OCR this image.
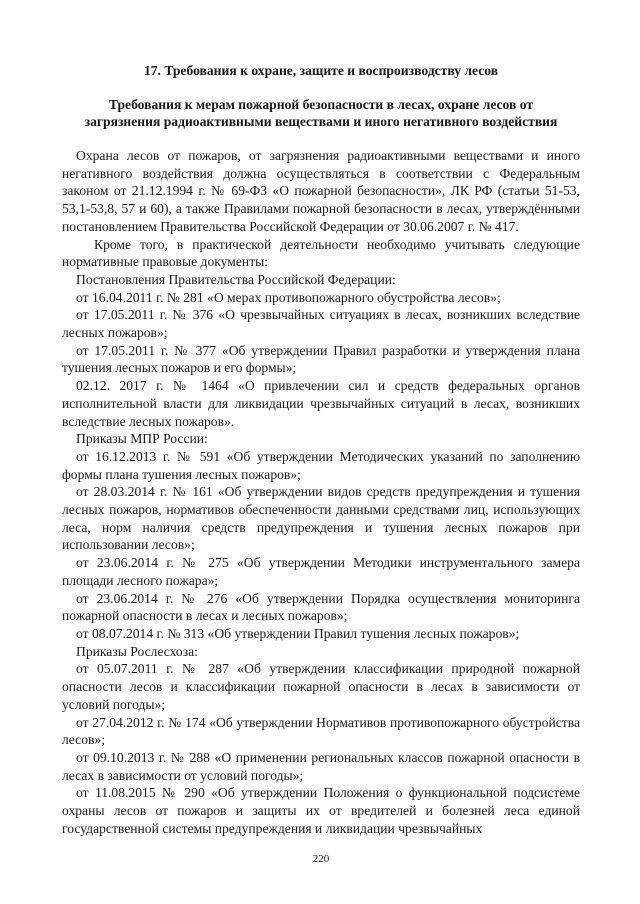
17. Требования к охране, защите и воспроизводству лесов
Требования к мерам пожарной безопасности в лесах, охране лесов от
загрязнения радиоактивными веществами и иного негативного воздействия

Охрана лесов от пожаров, от загрязнения радиоактивными веществами и иного негативного воздействия должна осуществляться в соответствии с Федеральным законом от 21.12.1994 г. № 69-ФЗ «О пожарной безопасности», ЛК РФ (статьи 51-53, 53,1-53,8, 57 и 60), а также Правилами пожарной безопасности в лесах, утверждёнными постановлением Правительства Российской Федерации от 30.06.2007 г. № 417.

Кроме того, в практической деятельности необходимо учитывать следующие нормативные правовые документы:

Постановления Правительства Российской Федерации:

от 16.04.2011 г. № 281 «О мерах противопожарного обустройства лесов»;

от 17.05.2011 г. № 376 «О чрезвычайных ситуациях в лесах, возникших вследствие лесных пожаров»;

от 17.05.2011 г. № 377 «Об утверждении Правил разработки и утверждения плана тушения лесных пожаров и его формы»;

02.12. 2017 г. № 1464 «О привлечении сил и средств федеральных органов исполнительной власти для ликвидации чрезвычайных ситуаций в лесах, возникших вследствие лесных пожаров».

Приказы МПР России:

от 16.12.2013 г. № 591 «Об утверждении Методических указаний по заполнению формы плана тушения лесных пожаров»;

от 28.03.2014 г. № 161 «Об утверждении видов средств предупреждения и тушения лесных пожаров, нормативов обеспеченности данными средствами лиц, использующих леса, норм наличия средств предупреждения и тушения лесных пожаров при использовании лесов»;

от 23.06.2014 г. № 275 «Об утверждении Методики инструментального замера площади лесного пожара»;

от 23.06.2014 г. № 276 «Об утверждении Порядка осуществления мониторинга пожарной опасности в лесах и лесных пожаров»;

от 08.07.2014 г. № 313 «Об утверждении Правил тушения лесных пожаров»;

Приказы Рослесхоза:

от 05.07.2011 г. № 287 «Об утверждении классификации природной пожарной опасности лесов и классификации пожарной опасности в лесах в зависимости от условий погоды»;

от 27.04.2012 г. № 174 «Об утверждении Нормативов противопожарного обустройства лесов»;

от 09.10.2013 г. № 288 «О применении региональных классов пожарной опасности в лесах в зависимости от условий погоды»;

от 11.08.2015 № 290 «Об утверждении Положения о функциональной подсистеме охраны лесов от пожаров и защиты их от вредителей и болезней леса единой государственной системы предупреждения и ликвидации чрезвычайных

220
